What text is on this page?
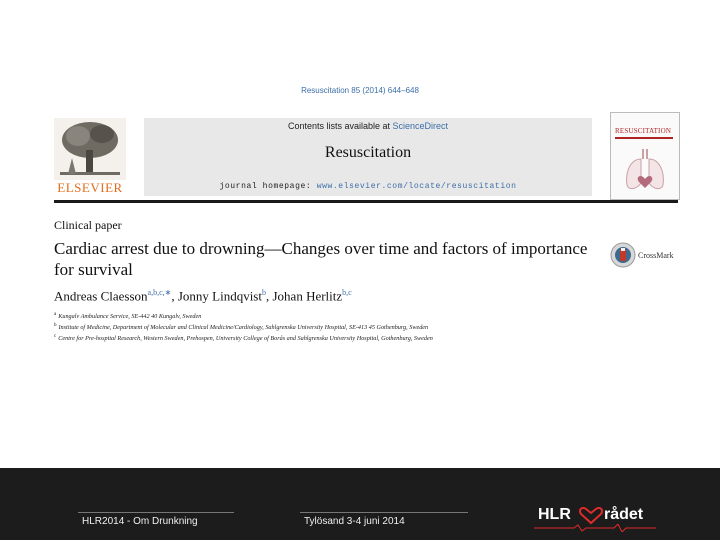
Resuscitation 85 (2014) 644–648
ELSEVIER
Contents lists available at ScienceDirect
Resuscitation
journal homepage: www.elsevier.com/locate/resuscitation
RESUSCITATION
Clinical paper
Cardiac arrest due to drowning—Changes over time and factors of importance for survival
CrossMark
Andreas Claesson$^{a,b,c,∗}$, Jonny Lindqvist$^b$, Johan Herlitz$^{b,c}$
$^a$ Kungalv Ambulance Service, SE-442 40 Kungalv, Sweden
$^b$ Institute of Medicine, Department of Molecular and Clinical Medicine/Cardiology, Sahlgrenska University Hospital, SE-413 45 Gothenburg, Sweden
$^c$ Centre for Pre-hospital Research, Western Sweden, Prehospen, University College of Borås and Sahlgrenska University Hospital, Gothenburg, Sweden
HLR2014 - Om Drunkning	Tylösand 3-4 juni 2014	HLR rådet
